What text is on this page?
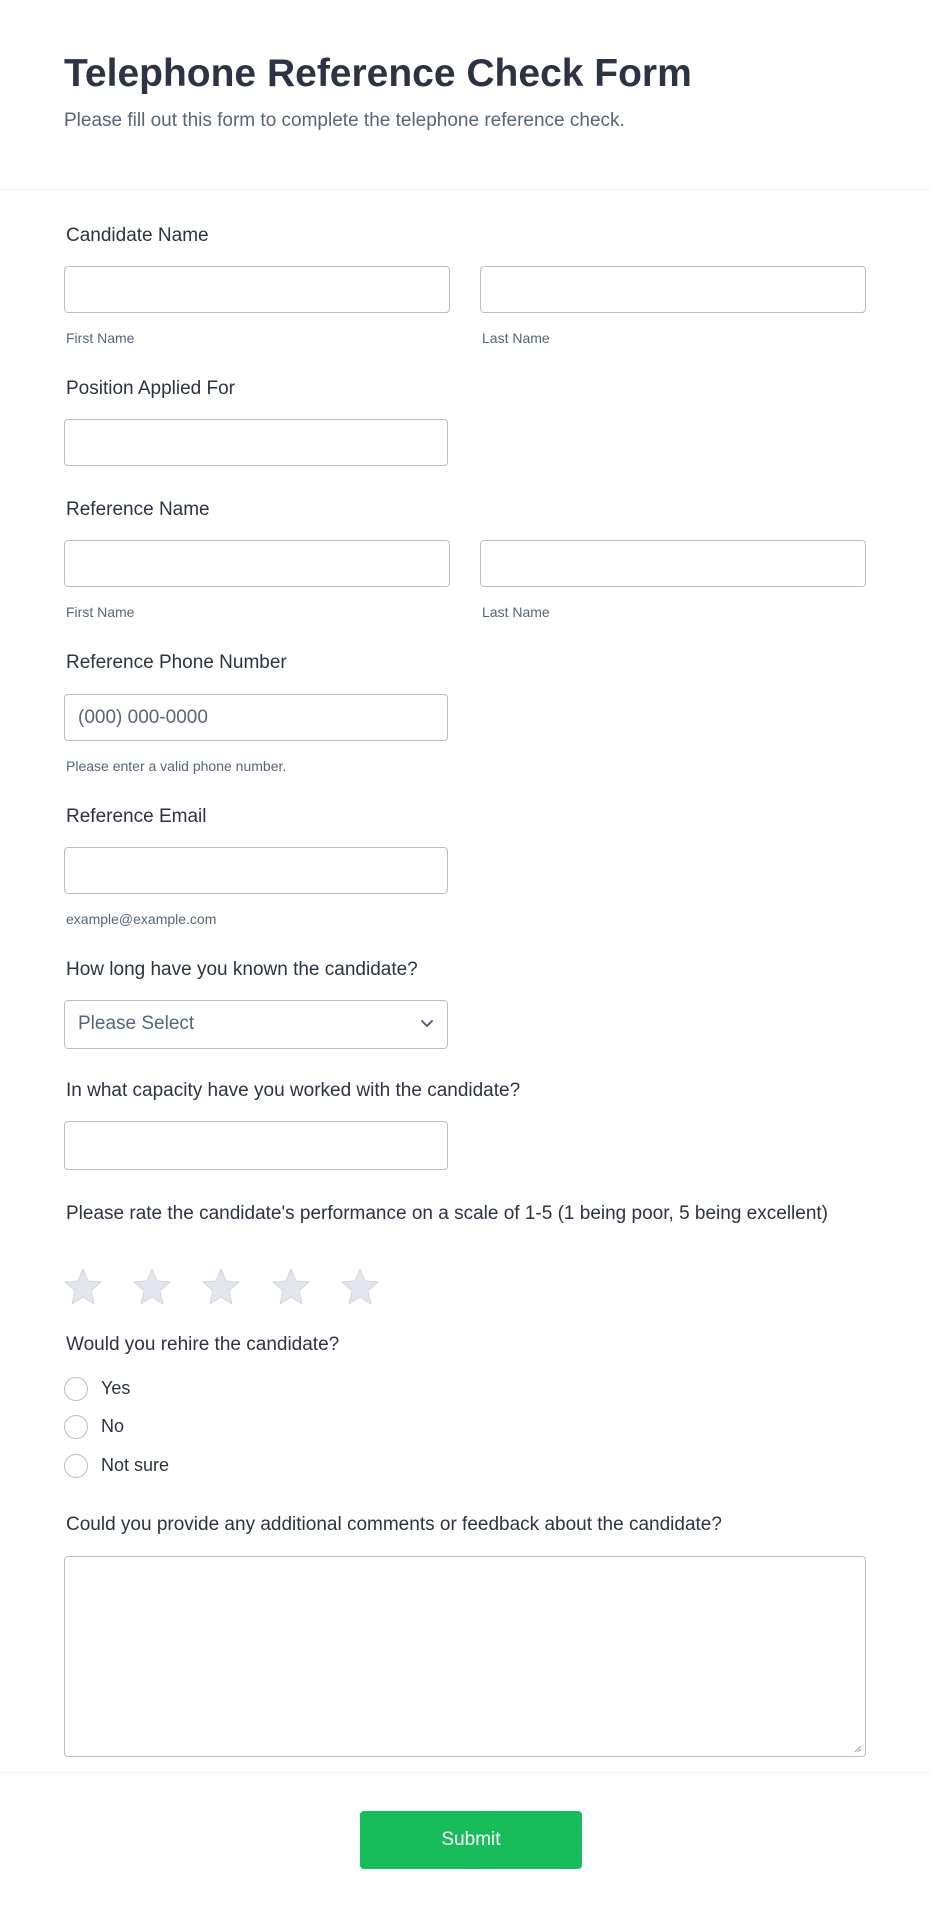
Telephone Reference Check Form
Please fill out this form to complete the telephone reference check.
Candidate Name
First Name	Last Name
Position Applied For
Reference Name
First Name	Last Name
Reference Phone Number
(000) 000-0000
Please enter a valid phone number.
Reference Email
example@example.com
How long have you known the candidate?
Please Select
In what capacity have you worked with the candidate?
Please rate the candidate's performance on a scale of 1-5 (1 being poor, 5 being excellent)
Would you rehire the candidate?
Yes
No
Not sure
Could you provide any additional comments or feedback about the candidate?
Submit
